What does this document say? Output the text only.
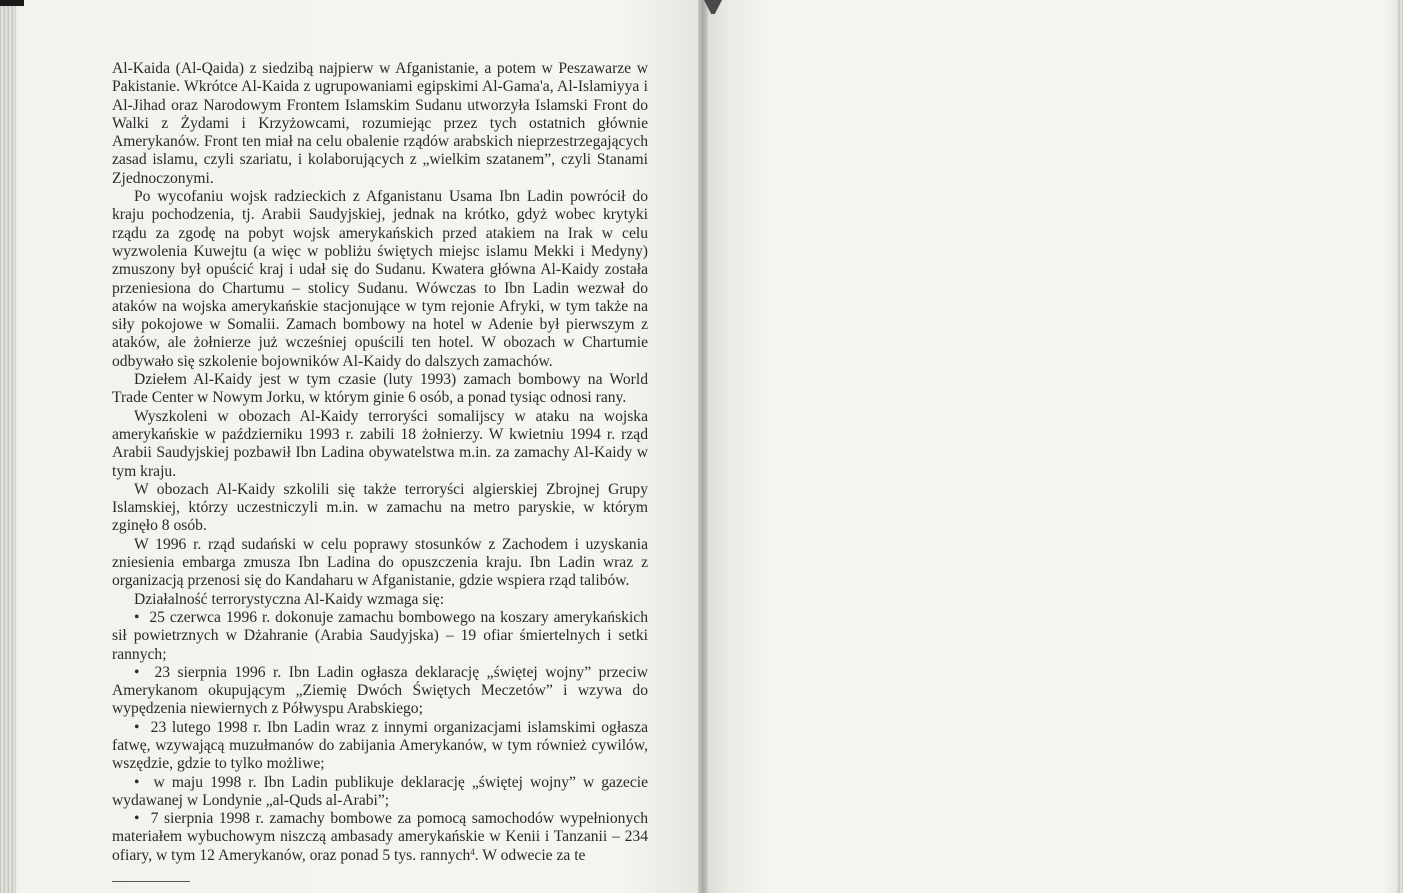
Al-Kaida (Al-Qaida) z siedzibą najpierw w Afganistanie, a potem w Peszawarze w Pakistanie. Wkrótce Al-Kaida z ugrupowaniami egipskimi Al-Gama'a, Al-Islamiyya i Al-Jihad oraz Narodowym Frontem Islamskim Sudanu utworzyła Islamski Front do Walki z Żydami i Krzyżowcami, rozumiejąc przez tych ostatnich głównie Amerykanów. Front ten miał na celu obalenie rządów arabskich nieprzestrzegających zasad islamu, czyli szariatu, i kolaborujących z „wielkim szatanem”, czyli Stanami Zjednoczonymi.

Po wycofaniu wojsk radzieckich z Afganistanu Usama Ibn Ladin powrócił do kraju pochodzenia, tj. Arabii Saudyjskiej, jednak na krótko, gdyż wobec krytyki rządu za zgodę na pobyt wojsk amerykańskich przed atakiem na Irak w celu wyzwolenia Kuwejtu (a więc w pobliżu świętych miejsc islamu Mekki i Medyny) zmuszony był opuścić kraj i udał się do Sudanu. Kwatera główna Al-Kaidy została przeniesiona do Chartumu – stolicy Sudanu. Wówczas to Ibn Ladin wezwał do ataków na wojska amerykańskie stacjonujące w tym rejonie Afryki, w tym także na siły pokojowe w Somalii. Zamach bombowy na hotel w Adenie był pierwszym z ataków, ale żołnierze już wcześniej opuścili ten hotel. W obozach w Chartumie odbywało się szkolenie bojowników Al-Kaidy do dalszych zamachów.

Dziełem Al-Kaidy jest w tym czasie (luty 1993) zamach bombowy na World Trade Center w Nowym Jorku, w którym ginie 6 osób, a ponad tysiąc odnosi rany.

Wyszkoleni w obozach Al-Kaidy terroryści somalijscy w ataku na wojska amerykańskie w październiku 1993 r. zabili 18 żołnierzy. W kwietniu 1994 r. rząd Arabii Saudyjskiej pozbawił Ibn Ladina obywatelstwa m.in. za zamachy Al-Kaidy w tym kraju.

W obozach Al-Kaidy szkolili się także terroryści algierskiej Zbrojnej Grupy Islamskiej, którzy uczestniczyli m.in. w zamachu na metro paryskie, w którym zginęło 8 osób.

W 1996 r. rząd sudański w celu poprawy stosunków z Zachodem i uzyskania zniesienia embarga zmusza Ibn Ladina do opuszczenia kraju. Ibn Ladin wraz z organizacją przenosi się do Kandaharu w Afganistanie, gdzie wspiera rząd talibów.

Działalność terrorystyczna Al-Kaidy wzmaga się:

•  25 czerwca 1996 r. dokonuje zamachu bombowego na koszary amerykańskich sił powietrznych w Dżahranie (Arabia Saudyjska) – 19 ofiar śmiertelnych i setki rannych;

•  23 sierpnia 1996 r. Ibn Ladin ogłasza deklarację „świętej wojny” przeciw Amerykanom okupującym „Ziemię Dwóch Świętych Meczetów” i wzywa do wypędzenia niewiernych z Półwyspu Arabskiego;

•  23 lutego 1998 r. Ibn Ladin wraz z innymi organizacjami islamskimi ogłasza fatwę, wzywającą muzułmanów do zabijania Amerykanów, w tym również cywilów, wszędzie, gdzie to tylko możliwe;

•  w maju 1998 r. Ibn Ladin publikuje deklarację „świętej wojny” w gazecie wydawanej w Londynie „al-Quds al-Arabi”;

•  7 sierpnia 1998 r. zamachy bombowe za pomocą samochodów wypełnionych materiałem wybuchowym niszczą ambasady amerykańskie w Kenii i Tanzanii – 234 ofiary, w tym 12 Amerykanów, oraz ponad 5 tys. rannych$^4$. W odwecie za te
